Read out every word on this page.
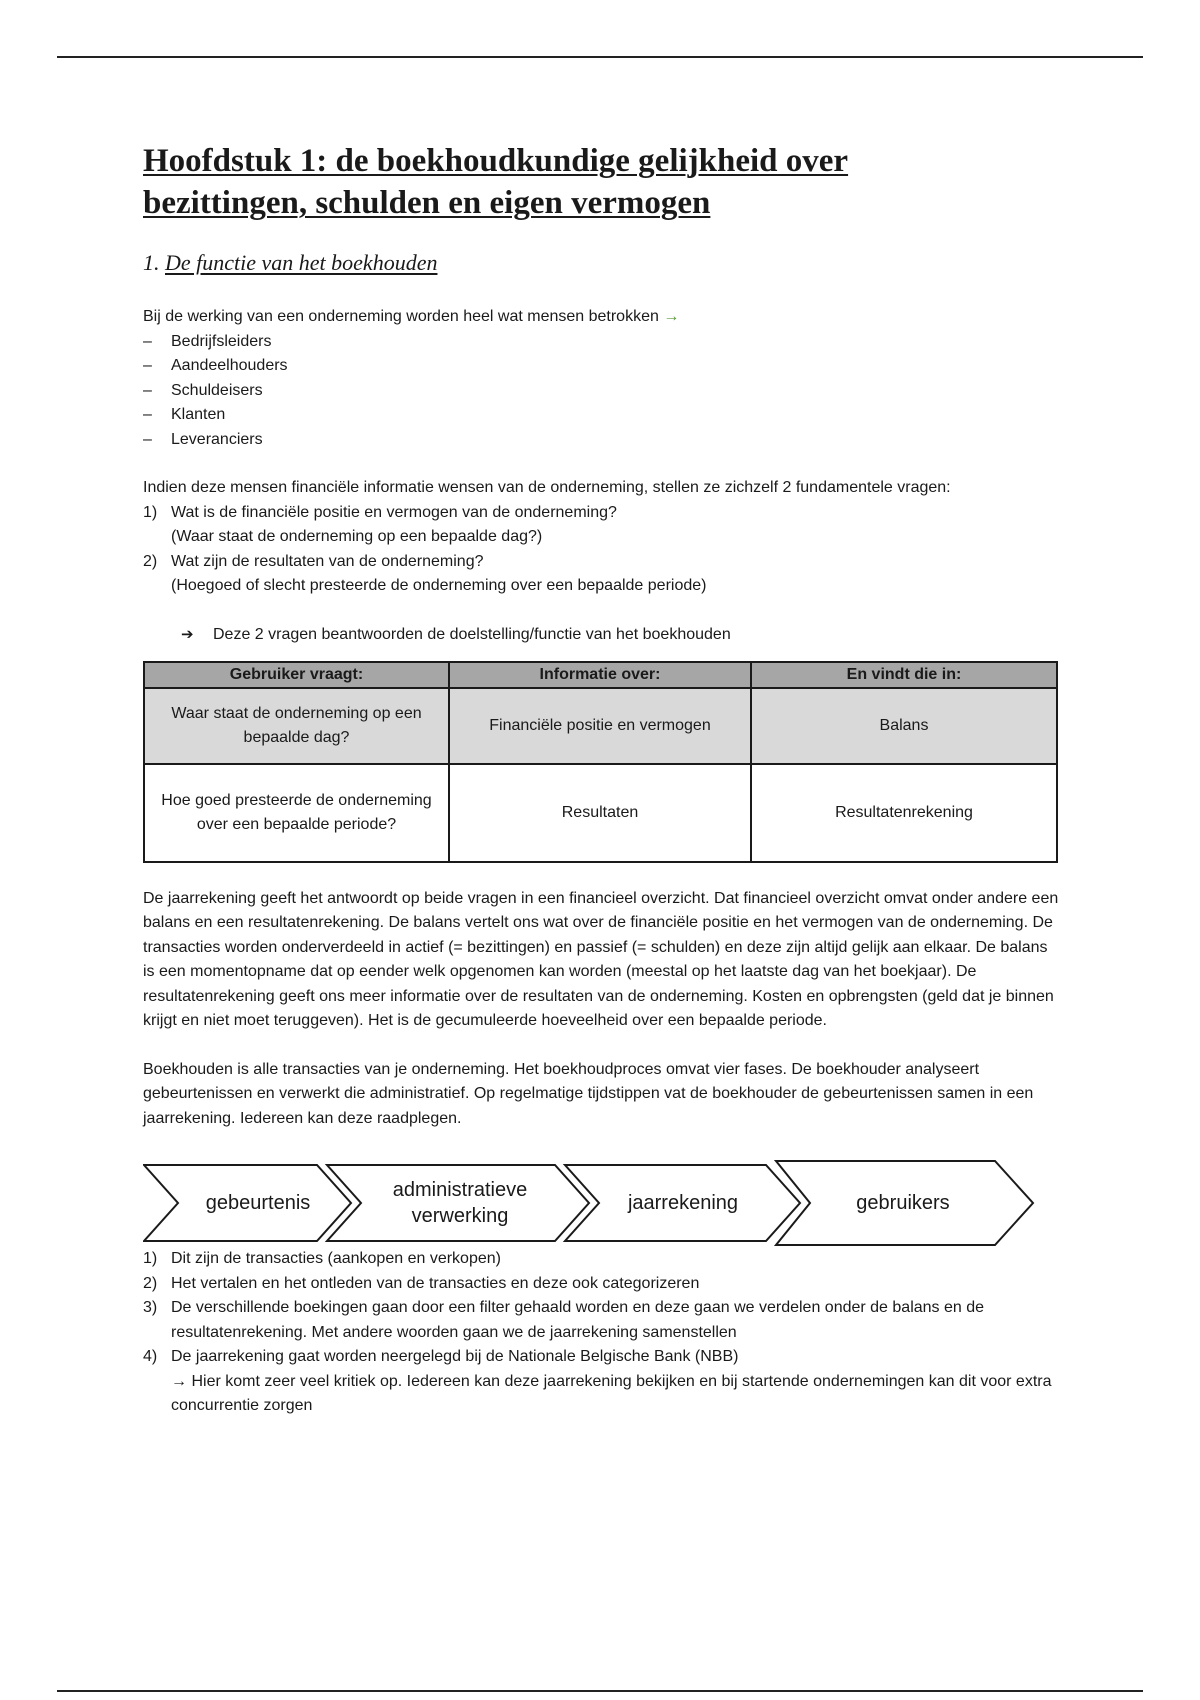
Hoofdstuk 1: de boekhoudkundige gelijkheid over
bezittingen, schulden en eigen vermogen
1. De functie van het boekhouden

Bij de werking van een onderneming worden heel wat mensen betrokken →

– Bedrijfsleiders
– Aandeelhouders
– Schuldeisers
– Klanten
– Leveranciers

Indien deze mensen financiële informatie wensen van de onderneming, stellen ze zichzelf 2 fundamentele vragen:

1) Wat is de financiële positie en vermogen van de onderneming?
(Waar staat de onderneming op een bepaalde dag?)
2) Wat zijn de resultaten van de onderneming?
(Hoegoed of slecht presteerde de onderneming over een bepaalde periode)
➔ Deze 2 vragen beantwoorden de doelstelling/functie van het boekhouden
Gebruiker vraagt:	Informatie over:	En vindt die in:
Waar staat de onderneming op een bepaalde dag?	Financiële positie en vermogen	Balans
Hoe goed presteerde de onderneming over een bepaalde periode?	Resultaten	Resultatenrekening

De jaarrekening geeft het antwoordt op beide vragen in een financieel overzicht. Dat financieel overzicht omvat onder andere een balans en een resultatenrekening. De balans vertelt ons wat over de financiële positie en het vermogen van de onderneming. De transacties worden onderverdeeld in actief (= bezittingen) en passief (= schulden) en deze zijn altijd gelijk aan elkaar. De balans is een momentopname dat op eender welk opgenomen kan worden (meestal op het laatste dag van het boekjaar). De resultatenrekening geeft ons meer informatie over de resultaten van de onderneming. Kosten en opbrengsten (geld dat je binnen krijgt en niet moet teruggeven). Het is de gecumuleerde hoeveelheid over een bepaalde periode.

Boekhouden is alle transacties van je onderneming. Het boekhoudproces omvat vier fases. De boekhouder analyseert gebeurtenissen en verwerkt die administratief. Op regelmatige tijdstippen vat de boekhouder de gebeurtenissen samen in een jaarrekening. Iedereen kan deze raadplegen.

gebeurtenis
administratieve verwerking
jaarrekening	gebruikers
1) Dit zijn de transacties (aankopen en verkopen)
2) Het vertalen en het ontleden van de transacties en deze ook categorizeren
3) De verschillende boekingen gaan door een filter gehaald worden en deze gaan we verdelen onder de balans en de resultatenrekening. Met andere woorden gaan we de jaarrekening samenstellen
4) De jaarrekening gaat worden neergelegd bij de Nationale Belgische Bank (NBB)
→ Hier komt zeer veel kritiek op. Iedereen kan deze jaarrekening bekijken en bij startende ondernemingen kan dit voor extra concurrentie zorgen
